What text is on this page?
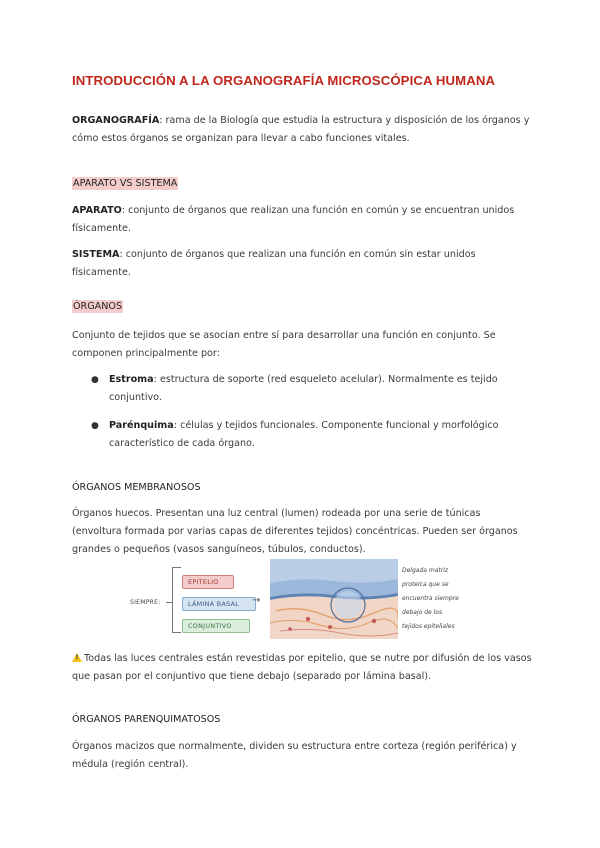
INTRODUCCIÓN A LA ORGANOGRAFÍA MICROSCÓPICA HUMANA

ORGANOGRAFÍA: rama de la Biología que estudia la estructura y disposición de los órganos y cómo estos órganos se organizan para llevar a cabo funciones vitales.

APARATO VS SISTEMA

APARATO: conjunto de órganos que realizan una función en común y se encuentran unidos físicamente.

SISTEMA: conjunto de órganos que realizan una función en común sin estar unidos físicamente.

ÓRGANOS

Conjunto de tejidos que se asocian entre sí para desarrollar una función en conjunto. Se componen principalmente por:

● Estroma: estructura de soporte (red esqueleto acelular). Normalmente es tejido conjuntivo.
● Parénquima: células y tejidos funcionales. Componente funcional y morfológico característico de cada órgano.
ÓRGANOS MEMBRANOSOS

Órganos huecos. Presentan una luz central (lumen) rodeada por una serie de túnicas (envoltura formada por varias capas de diferentes tejidos) concéntricas. Pueden ser órganos grandes o pequeños (vasos sanguíneos, túbulos, conductos).

SIEMPRE:
EPITELIO
LÁMINA BASAL
CONJUNTIVO
→
Delgada matriz
proteica que se
encuentra siempre
debajo de los
tejidos epiteliales

!Todas las luces centrales están revestidas por epitelio, que se nutre por difusión de los vasos que pasan por el conjuntivo que tiene debajo (separado por lámina basal).

ÓRGANOS PARENQUIMATOSOS

Órganos macizos que normalmente, dividen su estructura entre corteza (región periférica) y médula (región central).
